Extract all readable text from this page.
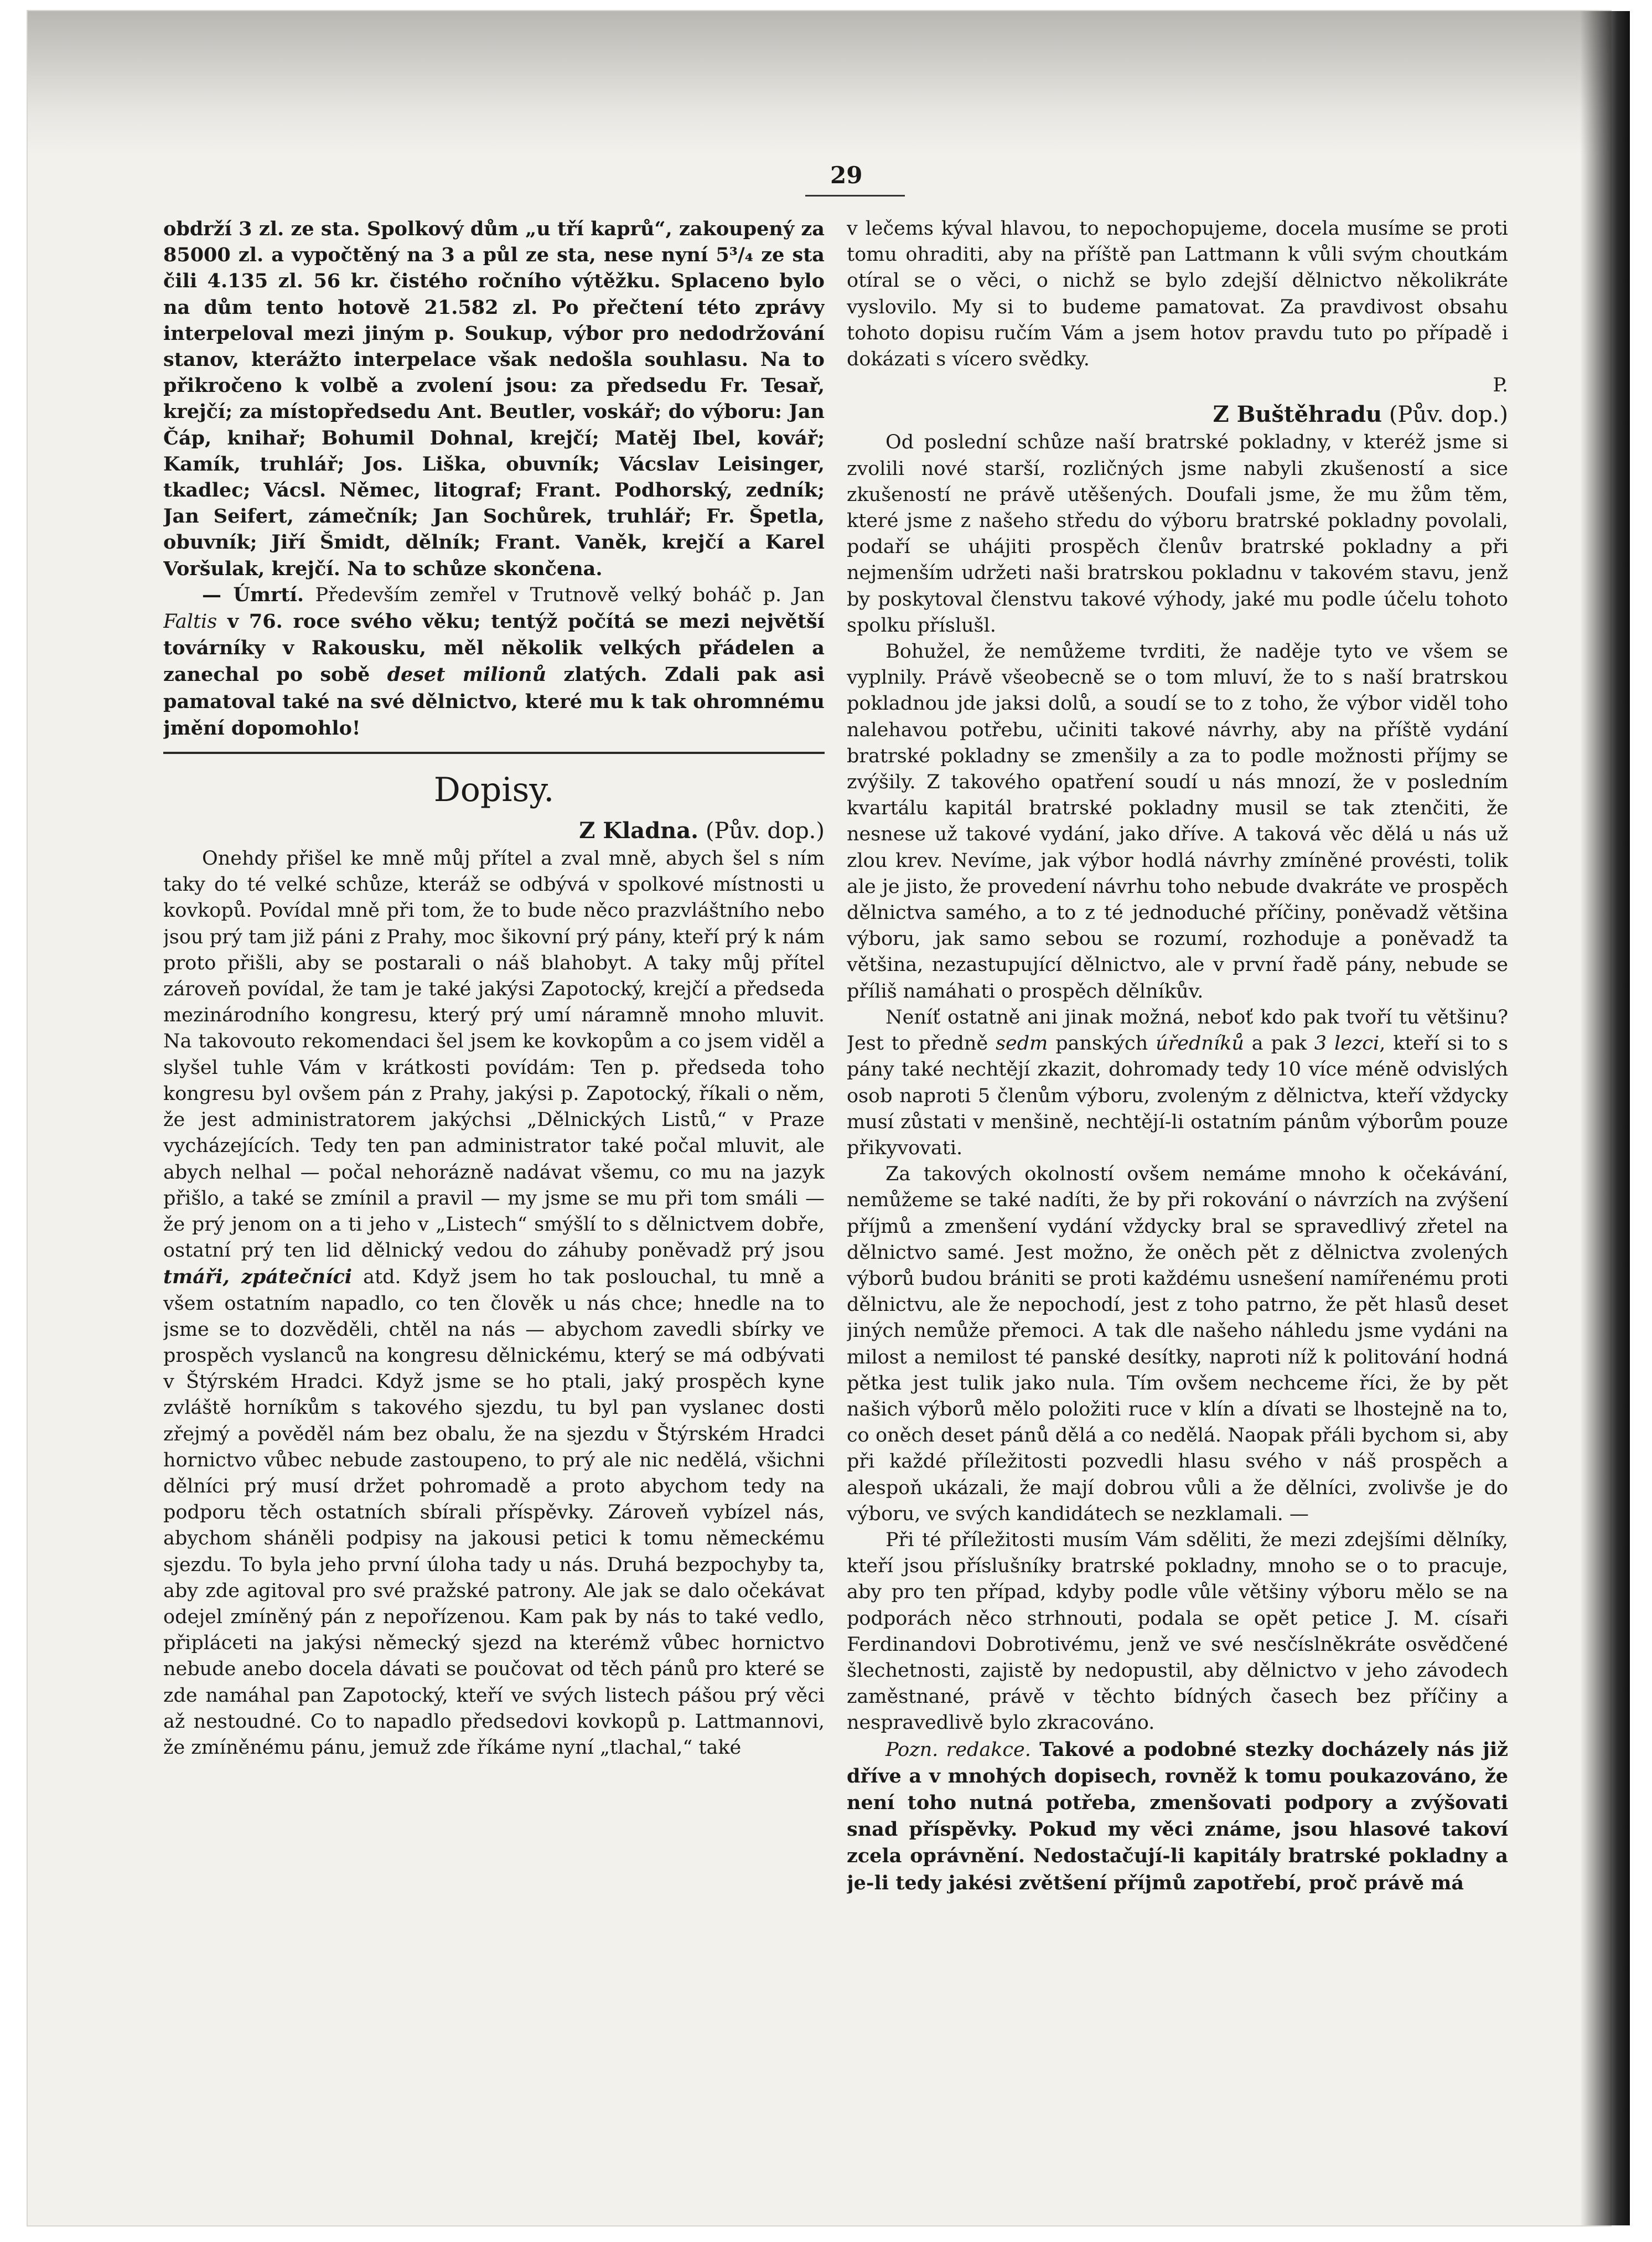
29

obdrží 3 zl. ze sta. Spolkový dům „u tří kaprů“, zakoupený za 85000 zl. a vypočtěný na 3 a půl ze sta, nese nyní 5³/₄ ze sta čili 4.135 zl. 56 kr. čistého ročního výtěžku. Splaceno bylo na dům tento hotově 21.582 zl. Po přečtení této zprávy interpeloval mezi jiným p. Soukup, výbor pro nedodržování stanov, kterážto interpelace však nedošla souhlasu. Na to přikročeno k volbě a zvolení jsou: za předsedu Fr. Tesař, krejčí; za místopředsedu Ant. Beutler, voskář; do výboru: Jan Čáp, knihař; Bohumil Dohnal, krejčí; Matěj Ibel, kovář; Kamík, truhlář; Jos. Liška, obuvník; Vácslav Leisinger, tkadlec; Vácsl. Němec, litograf; Frant. Podhorský, zedník; Jan Seifert, zámečník; Jan Sochůrek, truhlář; Fr. Špetla, obuvník; Jiří Šmidt, dělník; Frant. Vaněk, krejčí a Karel Voršulak, krejčí. Na to schůze skončena.

— Úmrtí. Především zemřel v Trutnově velký boháč p. Jan Faltis v 76. roce svého věku; tentýž počítá se mezi největší továrníky v Rakousku, měl několik velkých přádelen a zanechal po sobě deset milionů zlatých. Zdali pak asi pamatoval také na své dělnictvo, které mu k tak ohromnému jmění dopomohlo!

Dopisy.
Z Kladna. (Pův. dop.)

Onehdy přišel ke mně můj přítel a zval mně, abych šel s ním taky do té velké schůze, kteráž se odbývá v spolkové místnosti u kovkopů. Povídal mně při tom, že to bude něco prazvláštního nebo jsou prý tam již páni z Prahy, moc šikovní prý pány, kteří prý k nám proto přišli, aby se postarali o náš blahobyt. A taky můj přítel zároveň povídal, že tam je také jakýsi Zapotocký, krejčí a předseda mezinárodního kongresu, který prý umí náramně mnoho mluvit. Na takovouto rekomendaci šel jsem ke kovkopům a co jsem viděl a slyšel tuhle Vám v krátkosti povídám: Ten p. předseda toho kongresu byl ovšem pán z Prahy, jakýsi p. Zapotocký, říkali o něm, že jest administratorem jakýchsi „Dělnických Listů,“ v Praze vycházejících. Tedy ten pan administrator také počal mluvit, ale abych nelhal — počal nehorázně nadávat všemu, co mu na jazyk přišlo, a také se zmínil a pravil — my jsme se mu při tom smáli — že prý jenom on a ti jeho v „Listech“ smýšlí to s dělnictvem dobře, ostatní prý ten lid dělnický vedou do záhuby poněvadž prý jsou tmáři, zpátečníci atd. Když jsem ho tak poslouchal, tu mně a všem ostatním napadlo, co ten člověk u nás chce; hnedle na to jsme se to dozvěděli, chtěl na nás — abychom zavedli sbírky ve prospěch vyslanců na kongresu dělnickému, který se má odbývati v Štýrském Hradci. Když jsme se ho ptali, jaký prospěch kyne zvláště horníkům s takového sjezdu, tu byl pan vyslanec dosti zřejmý a pověděl nám bez obalu, že na sjezdu v Štýrském Hradci hornictvo vůbec nebude zastoupeno, to prý ale nic nedělá, všichni dělníci prý musí držet pohromadě a proto abychom tedy na podporu těch ostatních sbírali příspěvky. Zároveň vybízel nás, abychom sháněli podpisy na jakousi petici k tomu německému sjezdu. To byla jeho první úloha tady u nás. Druhá bezpochyby ta, aby zde agitoval pro své pražské patrony. Ale jak se dalo očekávat odejel zmíněný pán z nepořízenou. Kam pak by nás to také vedlo, připláceti na jakýsi německý sjezd na kterémž vůbec hornictvo nebude anebo docela dávati se poučovat od těch pánů pro které se zde namáhal pan Zapotocký, kteří ve svých listech pášou prý věci až nestoudné. Co to napadlo předsedovi kovkopů p. Lattmannovi, že zmíněnému pánu, jemuž zde říkáme nyní „tlachal,“ také

v lečems kýval hlavou, to nepochopujeme, docela musíme se proti tomu ohraditi, aby na příště pan Lattmann k vůli svým choutkám otíral se o věci, o nichž se bylo zdejší dělnictvo několikráte vyslovilo. My si to budeme pamatovat. Za pravdivost obsahu tohoto dopisu ručím Vám a jsem hotov pravdu tuto po případě i dokázati s vícero svědky.

P.

Z Buštěhradu (Pův. dop.)

Od poslední schůze naší bratrské pokladny, v kteréž jsme si zvolili nové starší, rozličných jsme nabyli zkušeností a sice zkušeností ne právě utěšených. Doufali jsme, že mu žům těm, které jsme z našeho středu do výboru bratrské pokladny povolali, podaří se uhájiti prospěch členův bratrské pokladny a při nejmenším udržeti naši bratrskou pokladnu v takovém stavu, jenž by poskytoval členstvu takové výhody, jaké mu podle účelu tohoto spolku příslušl.

Bohužel, že nemůžeme tvrditi, že naděje tyto ve všem se vyplnily. Právě všeobecně se o tom mluví, že to s naší bratrskou pokladnou jde jaksi dolů, a soudí se to z toho, že výbor viděl toho nalehavou potřebu, učiniti takové návrhy, aby na příště vydání bratrské pokladny se zmenšily a za to podle možnosti příjmy se zvýšily. Z takového opatření soudí u nás mnozí, že v posledním kvartálu kapitál bratrské pokladny musil se tak ztenčiti, že nesnese už takové vydání, jako dříve. A taková věc dělá u nás už zlou krev. Nevíme, jak výbor hodlá návrhy zmíněné provésti, tolik ale je jisto, že provedení návrhu toho nebude dvakráte ve prospěch dělnictva samého, a to z té jednoduché příčiny, poněvadž většina výboru, jak samo sebou se rozumí, rozhoduje a poněvadž ta většina, nezastupující dělnictvo, ale v první řadě pány, nebude se příliš namáhati o prospěch dělníkův.

Neníť ostatně ani jinak možná, neboť kdo pak tvoří tu většinu? Jest to předně sedm panských úředníků a pak 3 lezci, kteří si to s pány také nechtějí zkazit, dohromady tedy 10 více méně odvislých osob naproti 5 členům výboru, zvoleným z dělnictva, kteří vždycky musí zůstati v menšině, nechtějí-li ostatním pánům výborům pouze přikyvovati.

Za takových okolností ovšem nemáme mnoho k očekávání, nemůžeme se také nadíti, že by při rokování o návrzích na zvýšení příjmů a zmenšení vydání vždycky bral se spravedlivý zřetel na dělnictvo samé. Jest možno, že oněch pět z dělnictva zvolených výborů budou brániti se proti každému usnešení namířenému proti dělnictvu, ale že nepochodí, jest z toho patrno, že pět hlasů deset jiných nemůže přemoci. A tak dle našeho náhledu jsme vydáni na milost a nemilost té panské desítky, naproti níž k politování hodná pětka jest tulik jako nula. Tím ovšem nechceme říci, že by pět našich výborů mělo položiti ruce v klín a dívati se lhostejně na to, co oněch deset pánů dělá a co nedělá. Naopak přáli bychom si, aby při každé příležitosti pozvedli hlasu svého v náš prospěch a alespoň ukázali, že mají dobrou vůli a že dělníci, zvolivše je do výboru, ve svých kandidátech se nezklamali. —

Při té příležitosti musím Vám sděliti, že mezi zdejšími dělníky, kteří jsou příslušníky bratrské pokladny, mnoho se o to pracuje, aby pro ten případ, kdyby podle vůle většiny výboru mělo se na podporách něco strhnouti, podala se opět petice J. M. císaři Ferdinandovi Dobrotivému, jenž ve své nesčíslněkráte osvědčené šlechetnosti, zajistě by nedopustil, aby dělnictvo v jeho závodech zaměstnané, právě v těchto bídných časech bez příčiny a nespravedlivě bylo zkracováno.

Pozn. redakce. Takové a podobné stezky docházely nás již dříve a v mnohých dopisech, rovněž k tomu poukazováno, že není toho nutná potřeba, zmenšovati podpory a zvýšovati snad příspěvky. Pokud my věci známe, jsou hlasové takoví zcela oprávnění. Nedostačují-li kapitály bratrské pokladny a je-li tedy jakési zvětšení příjmů zapotřebí, proč právě má
